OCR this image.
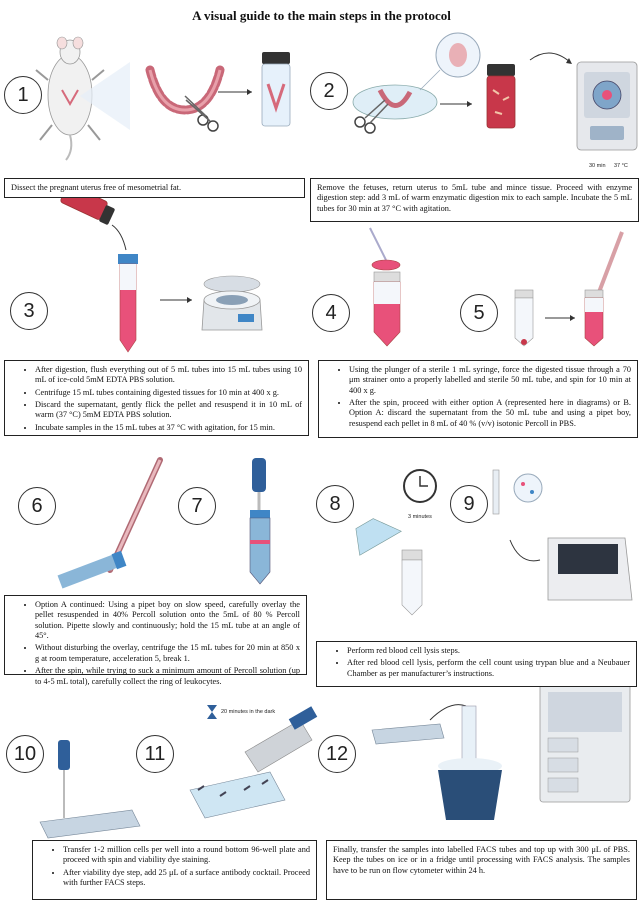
A visual guide to the main steps in the protocol
1	2
3	4	5
6	7	8	9
10	11	12
30 min 37 °C
3 minutes
20 minutes in the dark

Dissect the pregnant uterus free of mesometrial fat.	Remove the fetuses, return uterus to 5mL tube and mince tissue. Proceed with enzyme digestion step: add 3 mL of warm enzymatic digestion mix to each sample. Incubate the 5 mL tubes for 30 min at 37 °C with agitation.

• After digestion, flush everything out of 5 mL tubes into 15 mL tubes using 10 mL of ice-cold 5mM EDTA PBS solution.
• Centrifuge 15 mL tubes containing digested tissues for 10 min at 400 x g.
• Discard the supernatant, gently flick the pellet and resuspend it in 10 mL of warm (37 °C) 5mM EDTA PBS solution.
• Incubate samples in the 15 mL tubes at 37 °C with agitation, for 15 min.
• Using the plunger of a sterile 1 mL syringe, force the digested tissue through a 70 μm strainer onto a properly labelled and sterile 50 mL tube, and spin for 10 min at 400 x g.
• After the spin, proceed with either option A (represented here in diagrams) or B. Option A: discard the supernatant from the 50 mL tube and using a pipet boy, resuspend each pellet in 8 mL of 40 % (v/v) isotonic Percoll in PBS.
• Option A continued: Using a pipet boy on slow speed, carefully overlay the pellet resuspended in 40% Percoll solution onto the 5mL of 80 % Percoll solution. Pipette slowly and continuously; hold the 15 mL tube at an angle of 45°.
• Without disturbing the overlay, centrifuge the 15 mL tubes for 20 min at 850 x g at room temperature, acceleration 5, break 1.
• After the spin, while trying to suck a minimum amount of Percoll solution (up to 4-5 mL total), carefully collect the ring of leukocytes.
• Perform red blood cell lysis steps.
• After red blood cell lysis, perform the cell count using trypan blue and a Neubauer Chamber as per manufacturer’s instructions.
• Transfer 1-2 million cells per well into a round bottom 96-well plate and proceed with spin and viability dye staining.
• After viability dye step, add 25 μL of a surface antibody cocktail. Proceed with further FACS steps.

Finally, transfer the samples into labelled FACS tubes and top up with 300 μL of PBS. Keep the tubes on ice or in a fridge until processing with FACS analysis. The samples have to be run on flow cytometer within 24 h.
